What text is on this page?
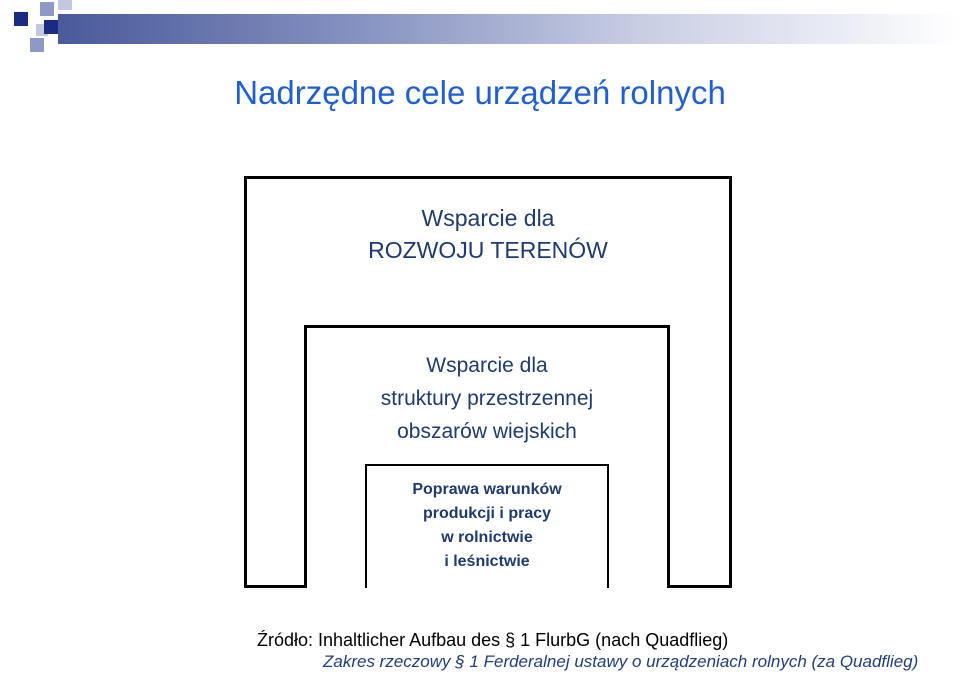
Nadrzędne cele urządzeń rolnych
Wsparcie dla
ROZWOJU TERENÓW
Wsparcie dla
struktury przestrzennej
obszarów wiejskich
Poprawa warunków
produkcji i pracy
w rolnictwie
i leśnictwie
Źródło: Inhaltlicher Aufbau des § 1 FlurbG (nach Quadflieg)
Zakres rzeczowy § 1 Ferderalnej ustawy o urządzeniach rolnych (za Quadflieg)
